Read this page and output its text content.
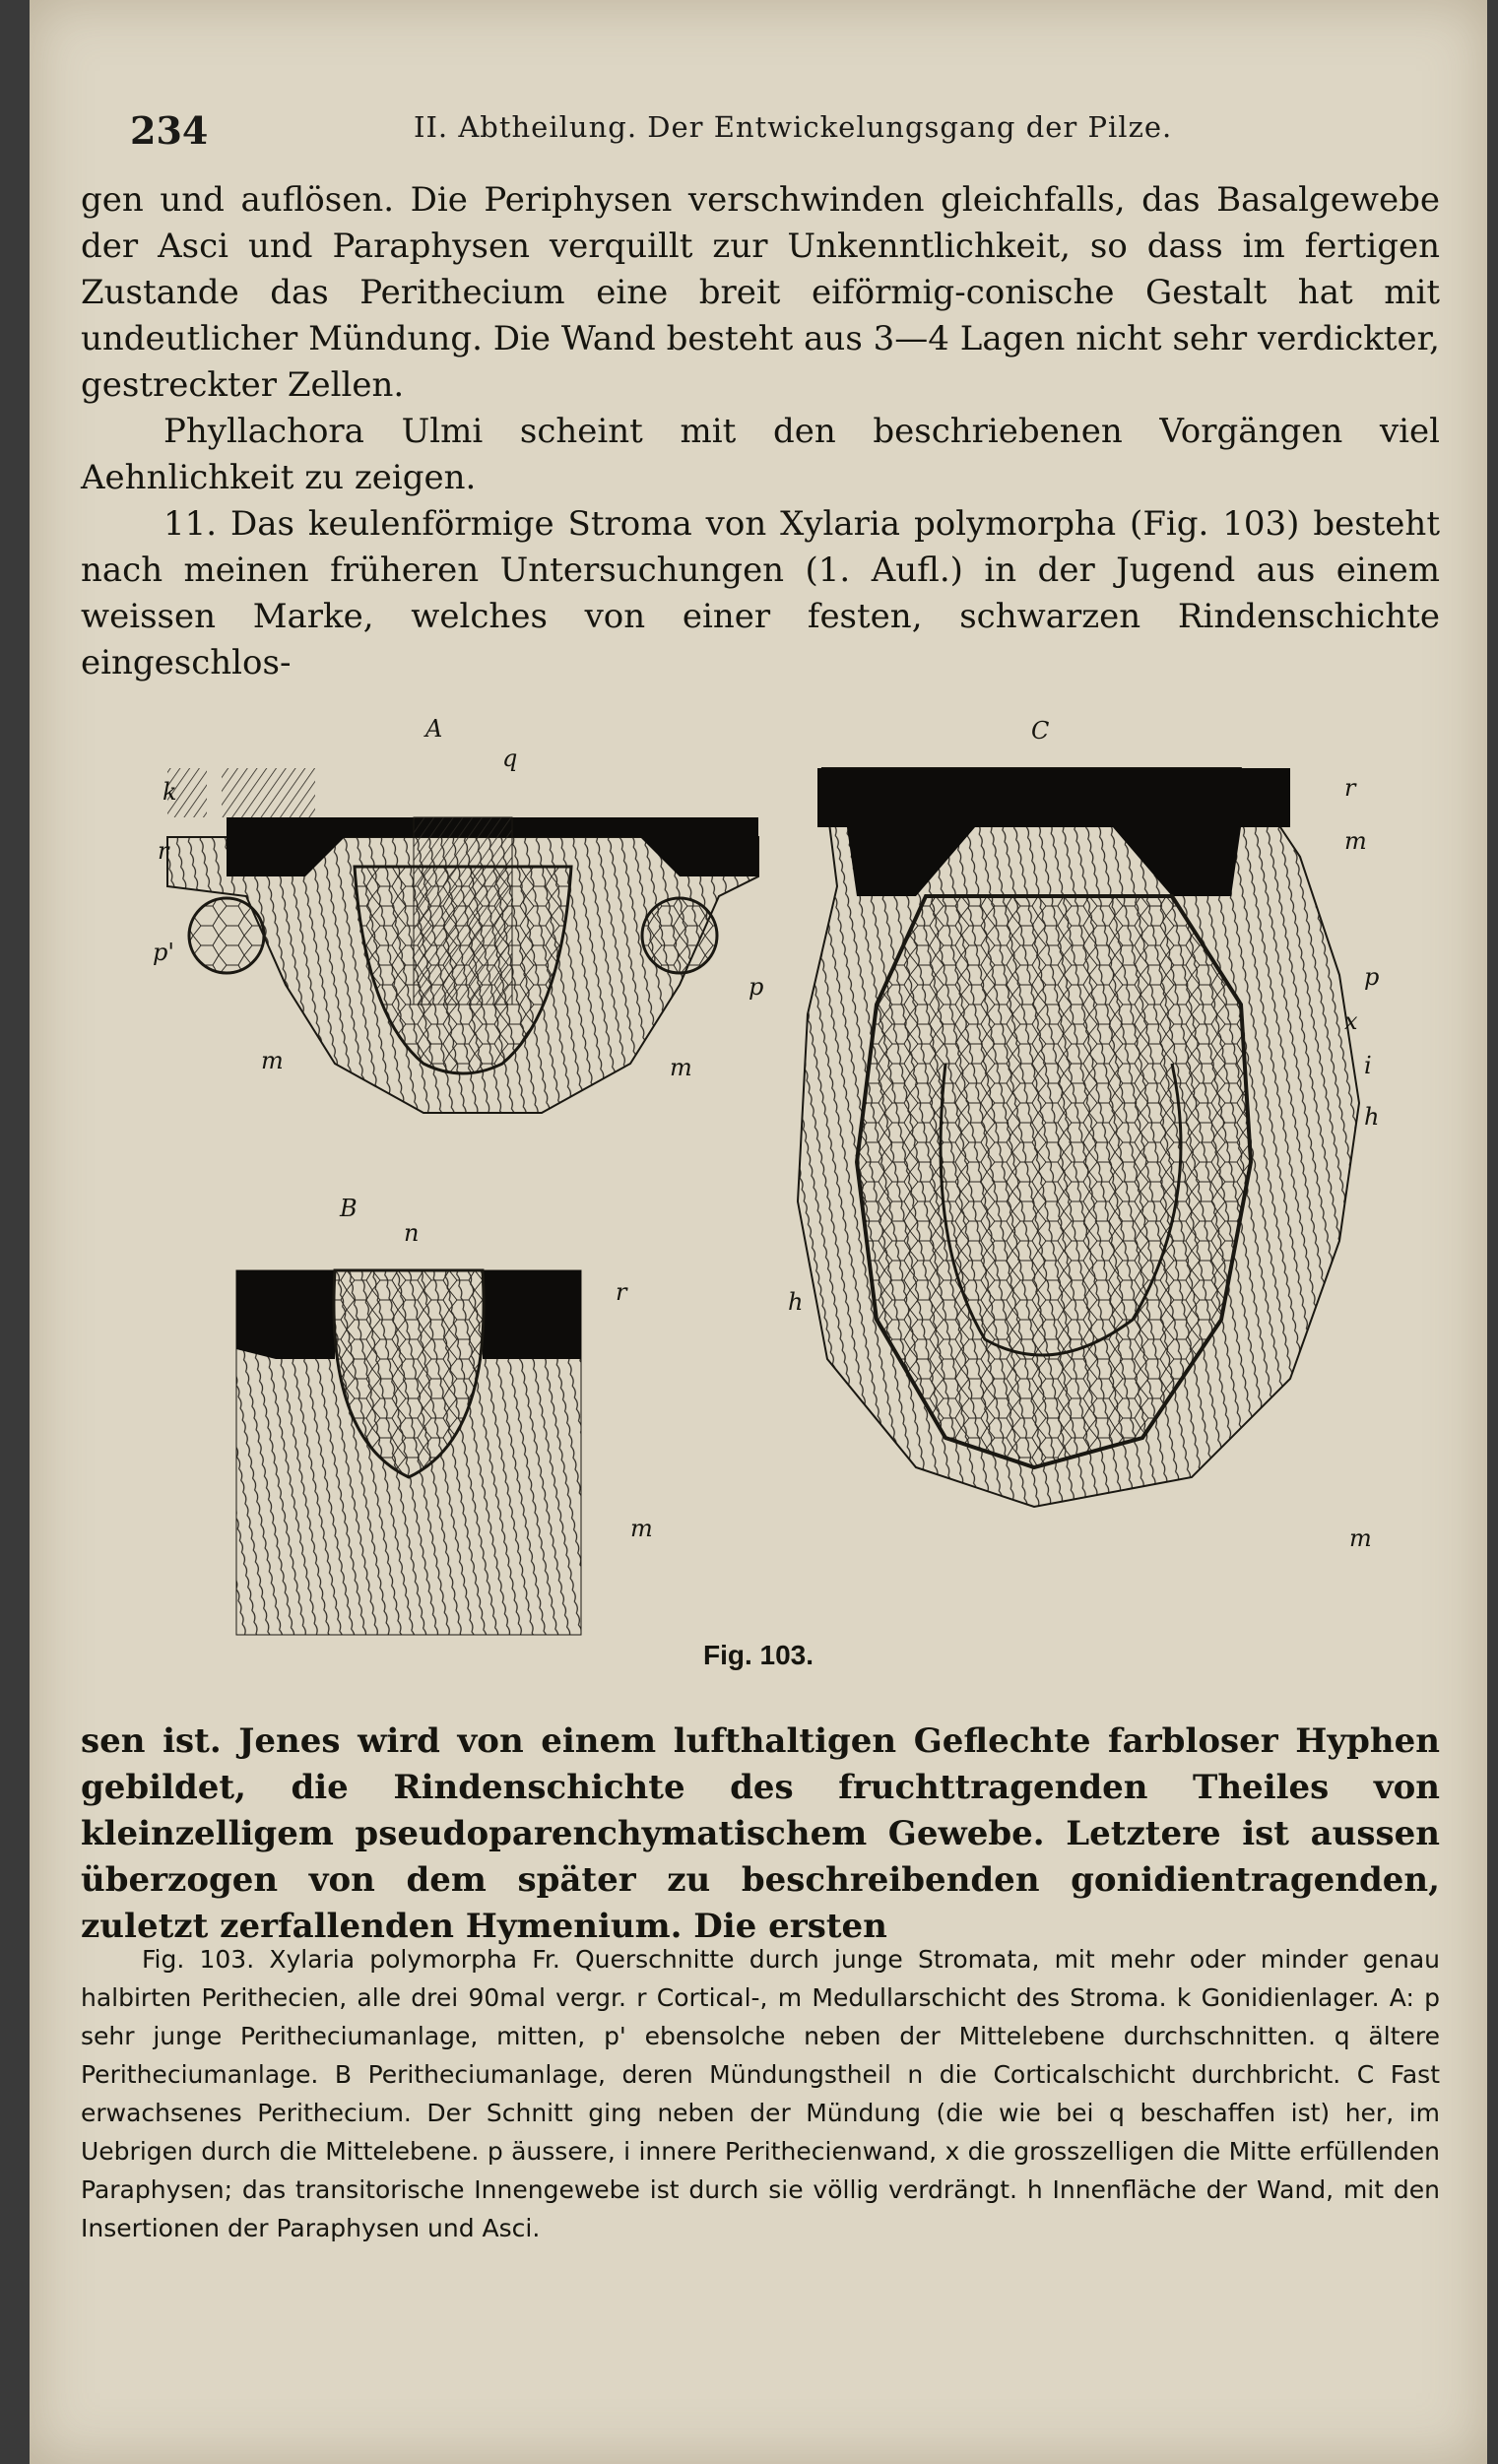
234	II. Abtheilung. Der Entwickelungsgang der Pilze.

gen und auflösen. Die Periphysen verschwinden gleichfalls, das Basalgewebe der Asci und Paraphysen verquillt zur Unkenntlichkeit, so dass im fertigen Zustande das Perithecium eine breit eiförmig-conische Gestalt hat mit undeutlicher Mündung. Die Wand besteht aus 3—4 Lagen nicht sehr verdickter, gestreckter Zellen.

Phyllachora Ulmi scheint mit den beschriebenen Vorgängen viel Aehnlichkeit zu zeigen.

11. Das keulenförmige Stroma von Xylaria polymorpha (Fig. 103) besteht nach meinen früheren Untersuchungen (1. Aufl.) in der Jugend aus einem weissen Marke, welches von einer festen, schwarzen Rindenschichte eingeschlos-

A
k
r
q
p'
p
m	m
B
n
r
m
h
C
r
m
p
x
i
h
m
Fig. 103.

sen ist. Jenes wird von einem lufthaltigen Geflechte farbloser Hyphen gebildet, die Rindenschichte des fruchttragenden Theiles von kleinzelligem pseudoparenchymatischem Gewebe. Letztere ist aussen überzogen von dem später zu beschreibenden gonidientragenden, zuletzt zerfallenden Hymenium. Die ersten

Fig. 103. Xylaria polymorpha Fr. Querschnitte durch junge Stromata, mit mehr oder minder genau halbirten Perithecien, alle drei 90mal vergr. r Cortical-, m Medullarschicht des Stroma. k Gonidienlager. A: p sehr junge Peritheciumanlage, mitten, p' ebensolche neben der Mittelebene durchschnitten. q ältere Peritheciumanlage. B Peritheciumanlage, deren Mündungstheil n die Corticalschicht durchbricht. C Fast erwachsenes Perithecium. Der Schnitt ging neben der Mündung (die wie bei q beschaffen ist) her, im Uebrigen durch die Mittelebene. p äussere, i innere Perithecienwand, x die grosszelligen die Mitte erfüllenden Paraphysen; das transitorische Innengewebe ist durch sie völlig verdrängt. h Innenfläche der Wand, mit den Insertionen der Paraphysen und Asci.
